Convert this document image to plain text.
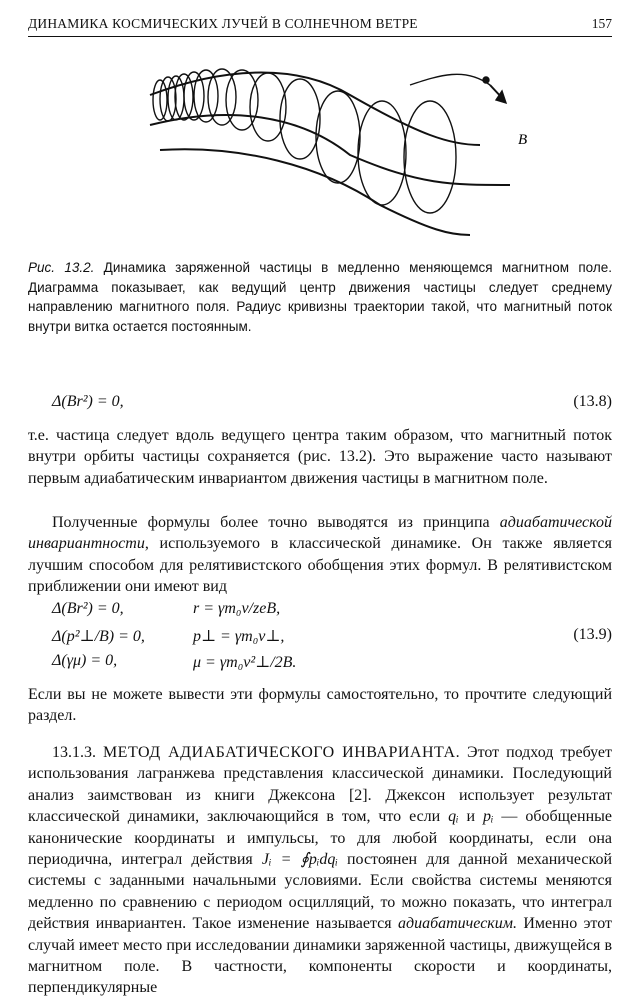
ДИНАМИКА КОСМИЧЕСКИХ ЛУЧЕЙ В СОЛНЕЧНОМ ВЕТРЕ	157
B
Рис. 13.2. Динамика заряженной частицы в медленно меняющемся магнитном поле. Диаграмма показывает, как ведущий центр движения частицы следует среднему направлению магнитного поля. Радиус кривизны траектории такой, что магнитный поток внутри витка остается постоянным.
Δ(Br²) = 0,	(13.8)
т.е. частица следует вдоль ведущего центра таким образом, что магнитный поток внутри орбиты частицы сохраняется (рис. 13.2). Это выражение часто называют первым адиабатическим инвариантом движения частицы в магнитном поле.
Полученные формулы более точно выводятся из принципа адиабатической инвариантности, используемого в классической динамике. Он также является лучшим способом для релятивистского обобщения этих формул. В релятивистском приближении они имеют вид
Δ(Br²) = 0,	r = γm₀v/zeB,
Δ(p²⊥/B) = 0,	p⊥ = γm₀v⊥,	(13.9)
Δ(γμ) = 0,	μ = γm₀v²⊥/2B.
Если вы не можете вывести эти формулы самостоятельно, то прочтите следующий раздел.
13.1.3. МЕТОД АДИАБАТИЧЕСКОГО ИНВАРИАНТА. Этот подход требует использования лагранжева представления классической динамики. Последующий анализ заимствован из книги Джексона [2]. Джексон использует результат классической динамики, заключающийся в том, что если qᵢ и pᵢ — обобщенные канонические координаты и импульсы, то для любой координаты, если она периодична, интеграл действия Jᵢ = ∮pᵢdqᵢ постоянен для данной механической системы с заданными начальными условиями. Если свойства системы меняются медленно по сравнению с периодом осцилляций, то можно показать, что интеграл действия инвариантен. Такое изменение называется адиабатическим. Именно этот случай имеет место при исследовании динамики заряженной частицы, движущейся в магнитном поле. В частности, компоненты скорости и координаты, перпендикулярные
